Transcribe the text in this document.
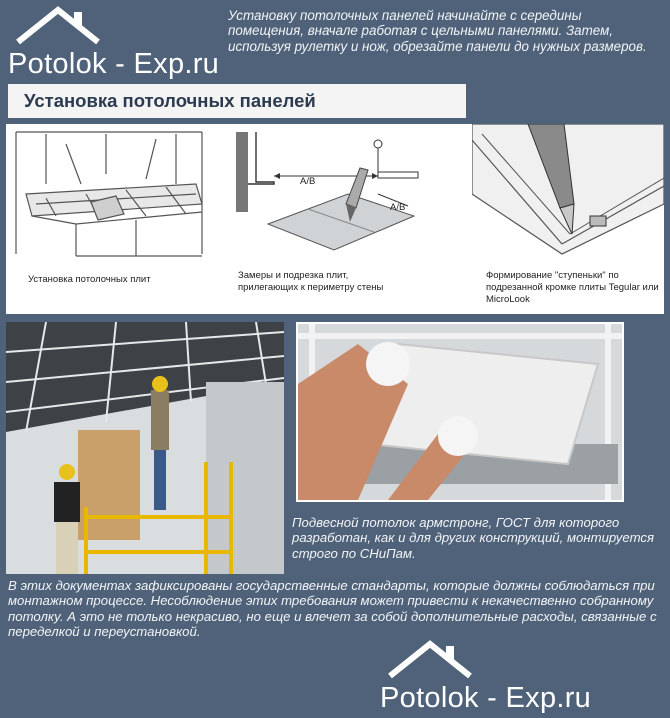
Potolok - Exp.ru
Установку потолочных панелей начинайте с середины помещения, вначале работая с цельными панелями. Затем, используя рулетку и нож, обрезайте панели до нужных размеров.
Установка потолочных панелей
Установка потолочных плит
A/B
A/B
Замеры и подрезка плит, прилегающих к периметру стены
Формирование "ступеньки" по подрезанной кромке плиты Tegular или MicroLook
Подвесной потолок армстронг, ГОСТ для которого разработан, как и для других конструкций, монтируется строго по СНиПам.
В этих документах зафиксированы государственные стандарты, которые должны соблюдаться при монтажном процессе. Несоблюдение этих требования может привести к некачественно собранному потолку. А это не только некрасиво, но еще и влечет за собой дополнительные расходы, связанные с переделкой и переустановкой.
Potolok - Exp.ru
